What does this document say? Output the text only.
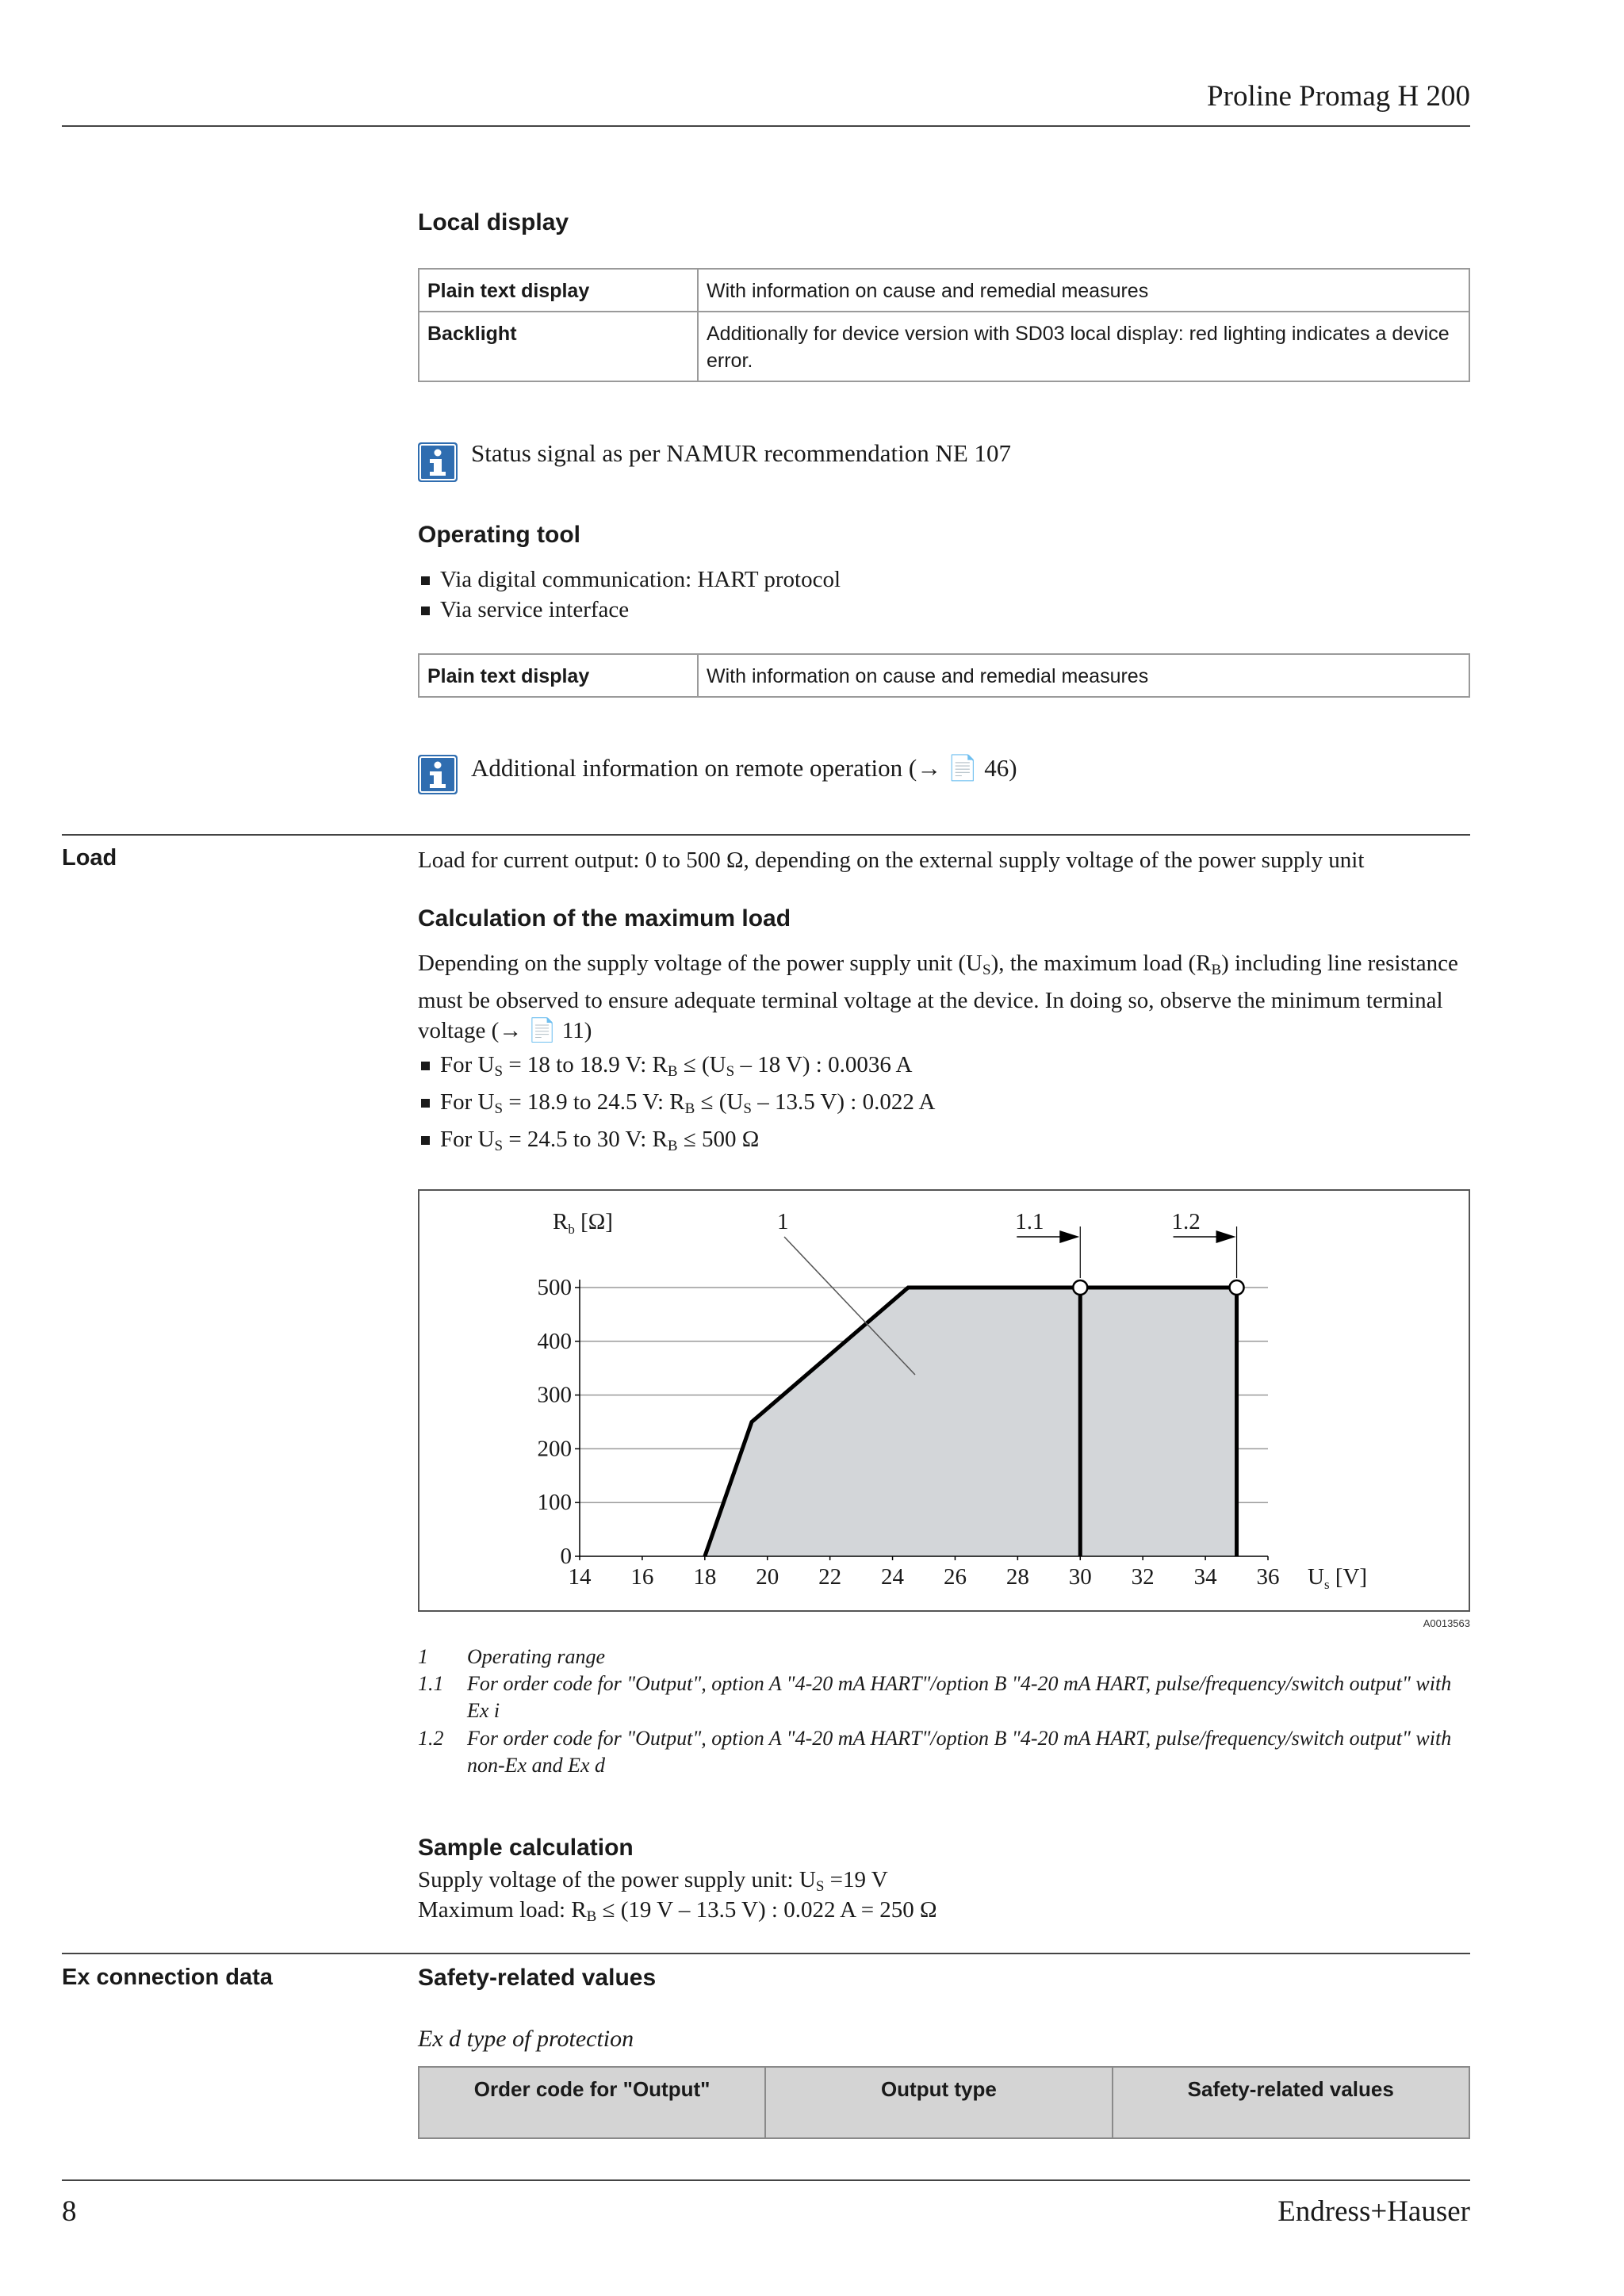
Proline Promag H 200
Local display
Plain text display	With information on cause and remedial measures
Backlight	Additionally for device version with SD03 local display: red lighting indicates a device error.
Status signal as per NAMUR recommendation NE 107
Operating tool
Via digital communication: HART protocol
Via service interface
Plain text display	With information on cause and remedial measures
Additional information on remote operation (→ 📄 46)
Load	Load for current output: 0 to 500 Ω, depending on the external supply voltage of the power supply unit
Calculation of the maximum load
Depending on the supply voltage of the power supply unit $(U_S)$, the maximum load $(R_B)$ including line resistance must be observed to ensure adequate terminal voltage at the device. In doing so, observe the minimum terminal voltage (→ 📄 11)
For $U_S = 18$ to 18.9 V: $R_B \le (U_S - 18$ V) : 0.0036 A
For $U_S = 18.9$ to 24.5 V: $R_B \le (U_S - 13.5$ V) : 0.022 A
For $U_S = 24.5$ to 30 V: $R_B \le 500$ Ω
0
100
200
300
400
500
14 16 18 20 22 24 26 28 30 32 34 36
1.1	1.2
1
$R_b$ [Ω]
$U_s$ [V]
A0013563
1 Operating range
1.1 For order code for "Output", option A "4-20 mA HART"/option B "4-20 mA HART, pulse/frequency/switch output" with Ex i
1.2 For order code for "Output", option A "4-20 mA HART"/option B "4-20 mA HART, pulse/frequency/switch output" with non-Ex and Ex d
Sample calculation
Supply voltage of the power supply unit: $U_S =19$ V
Maximum load: $R_B \le (19$ V – 13.5 V) : 0.022 A = 250 Ω
Ex connection data	Safety-related values
Ex d type of protection
Order code for "Output"	Output type	Safety-related values
8	Endress+Hauser
